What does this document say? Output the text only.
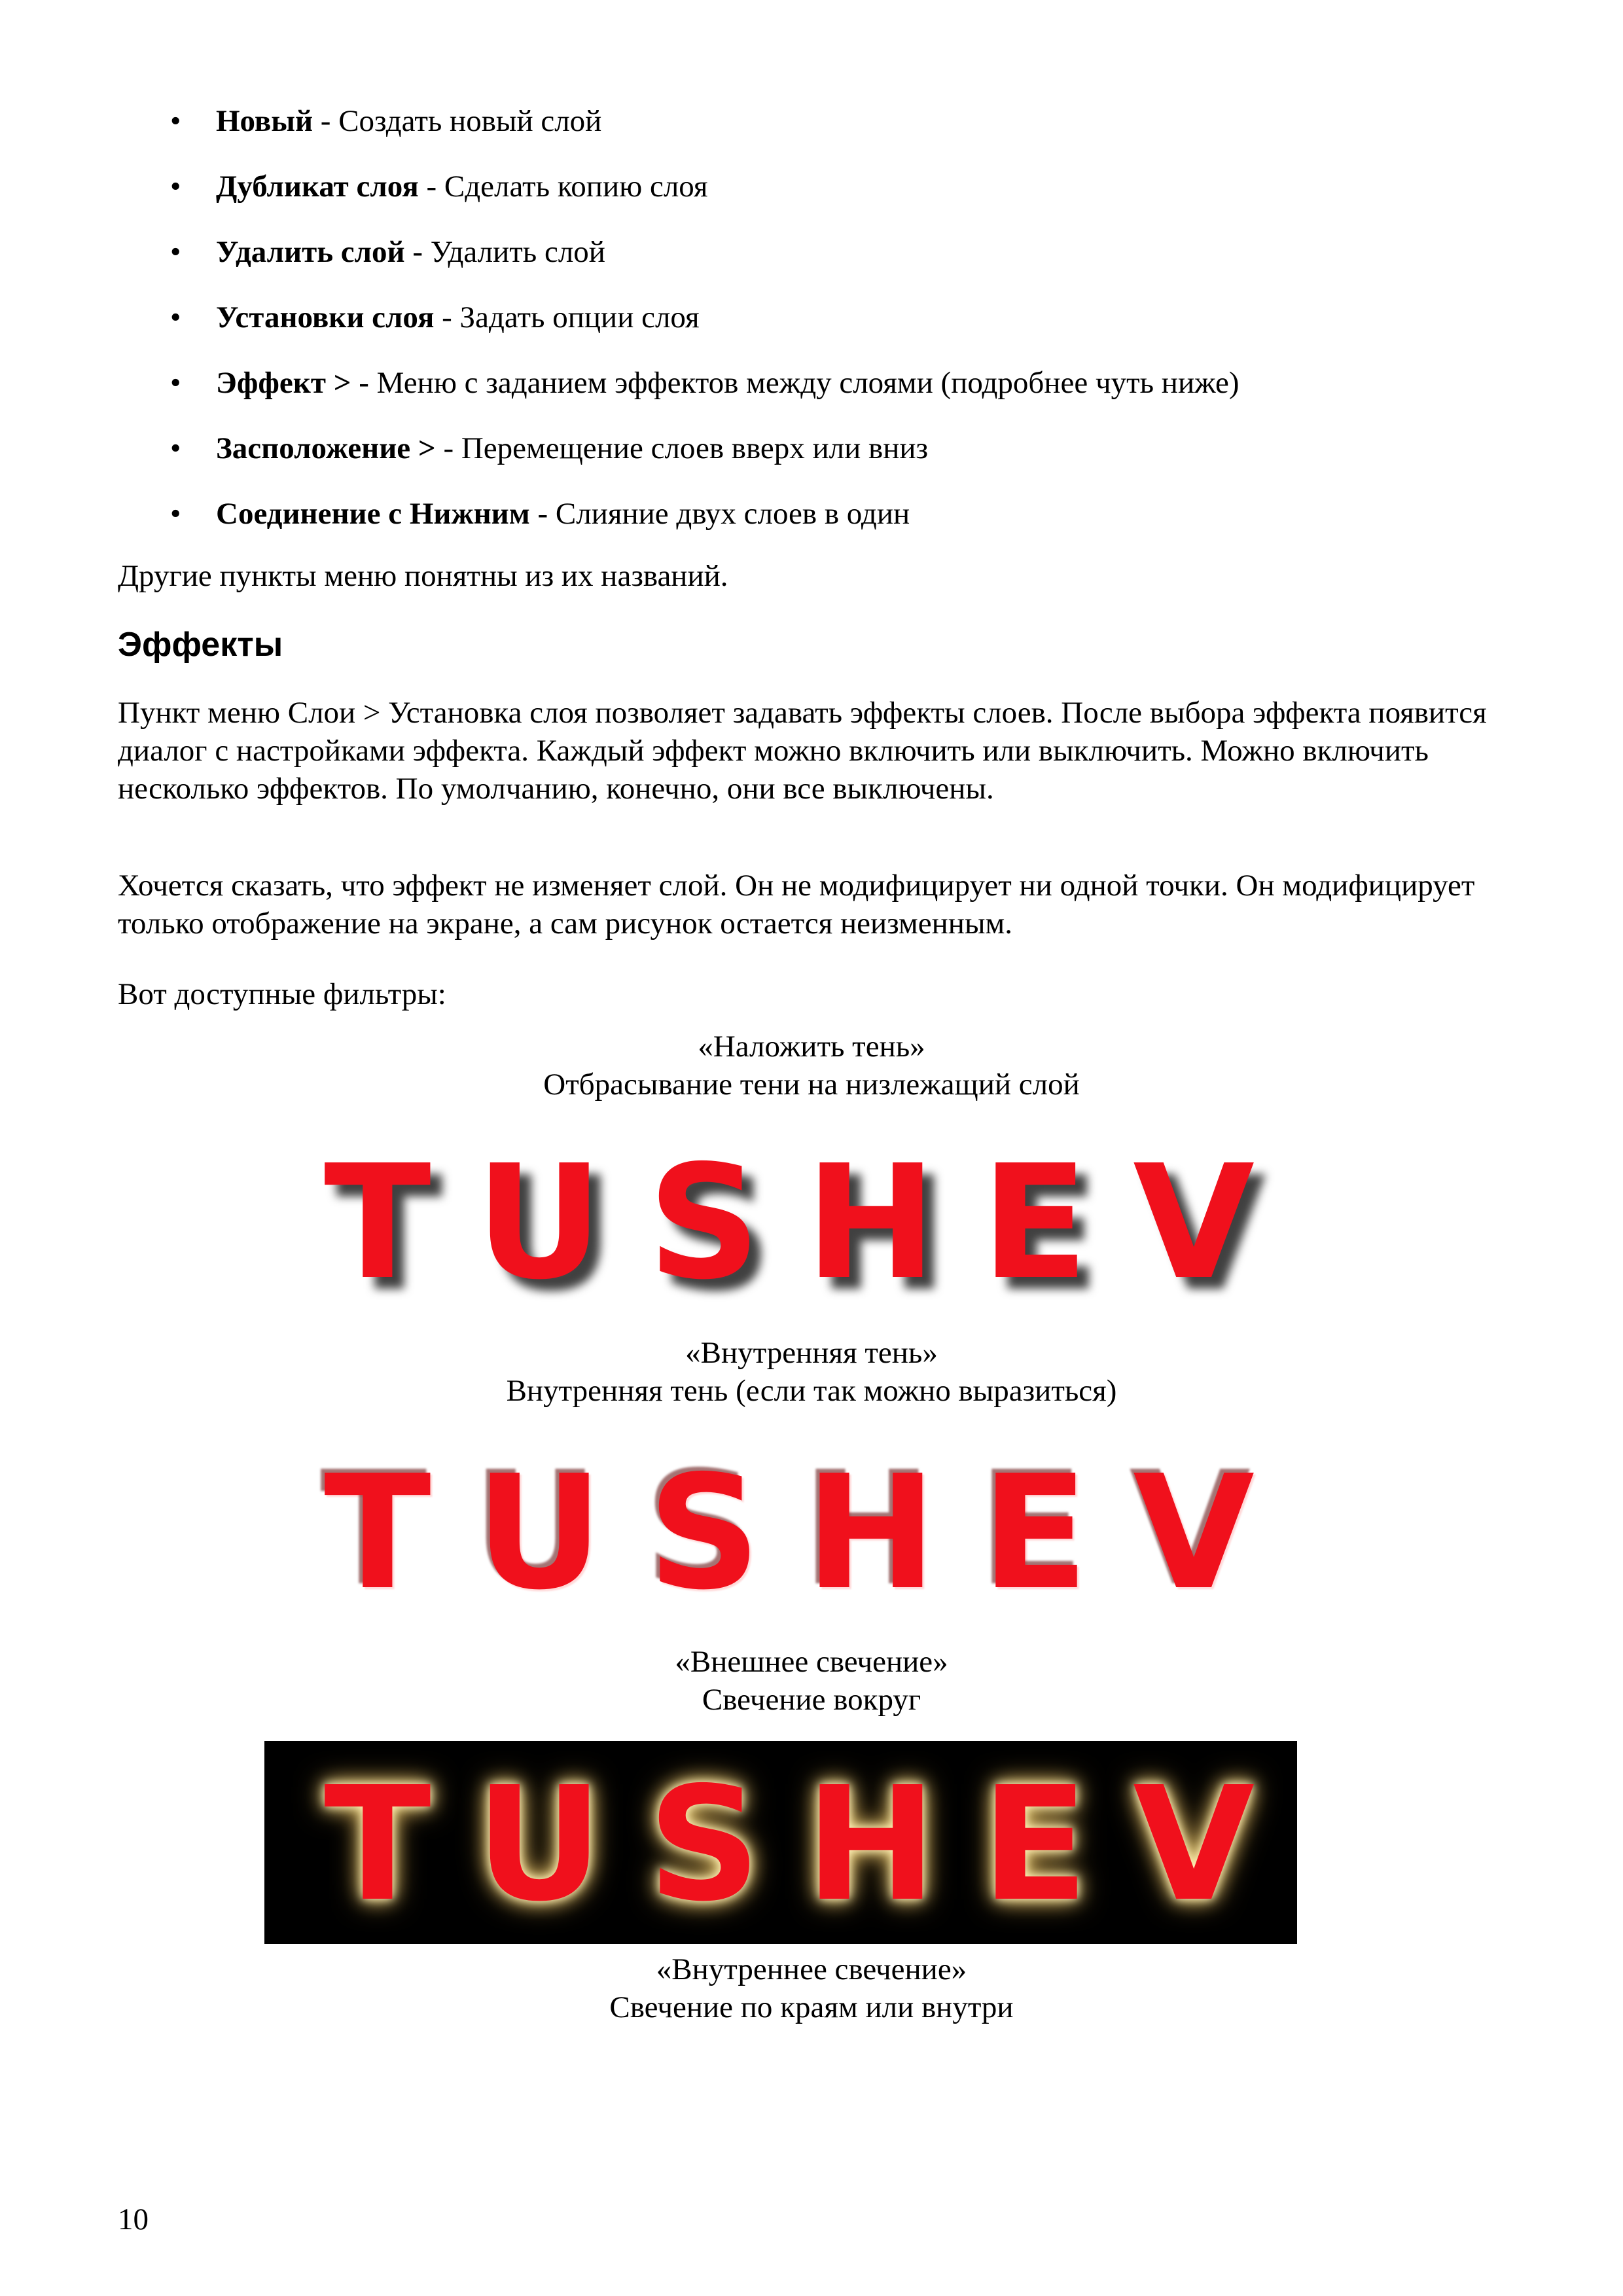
• Новый - Создать новый слой
• Дубликат слоя - Сделать копию слоя
• Удалить слой - Удалить слой
• Установки слоя - Задать опции слоя
• Эффект > - Меню с заданием эффектов между слоями (подробнее чуть ниже)
• Засположение > - Перемещение слоев вверх или вниз
• Соединение с Нижним - Слияние двух слоев в один

Другие пункты меню понятны из их названий.

Эффекты

Пункт меню Слои > Установка слоя позволяет задавать эффекты слоев. После выбора эффекта появится диалог с настройками эффекта. Каждый эффект можно включить или выключить. Можно включить несколько эффектов. По умолчанию, конечно, они все выключены.

Хочется сказать, что эффект не изменяет слой. Он не модифицирует ни одной точки. Он модифицирует только отображение на экране, а сам рисунок остается неизменным.

Вот доступные фильтры:

«Наложить тень»
Отбрасывание тени на низлежащий слой
TUSHEV
«Внутренняя тень»
Внутренняя тень (если так можно выразиться)
TUSHEV
«Внешнее свечение»
Свечение вокруг
TUSHEV
«Внутреннее свечение»
Свечение по краям или внутри
10
